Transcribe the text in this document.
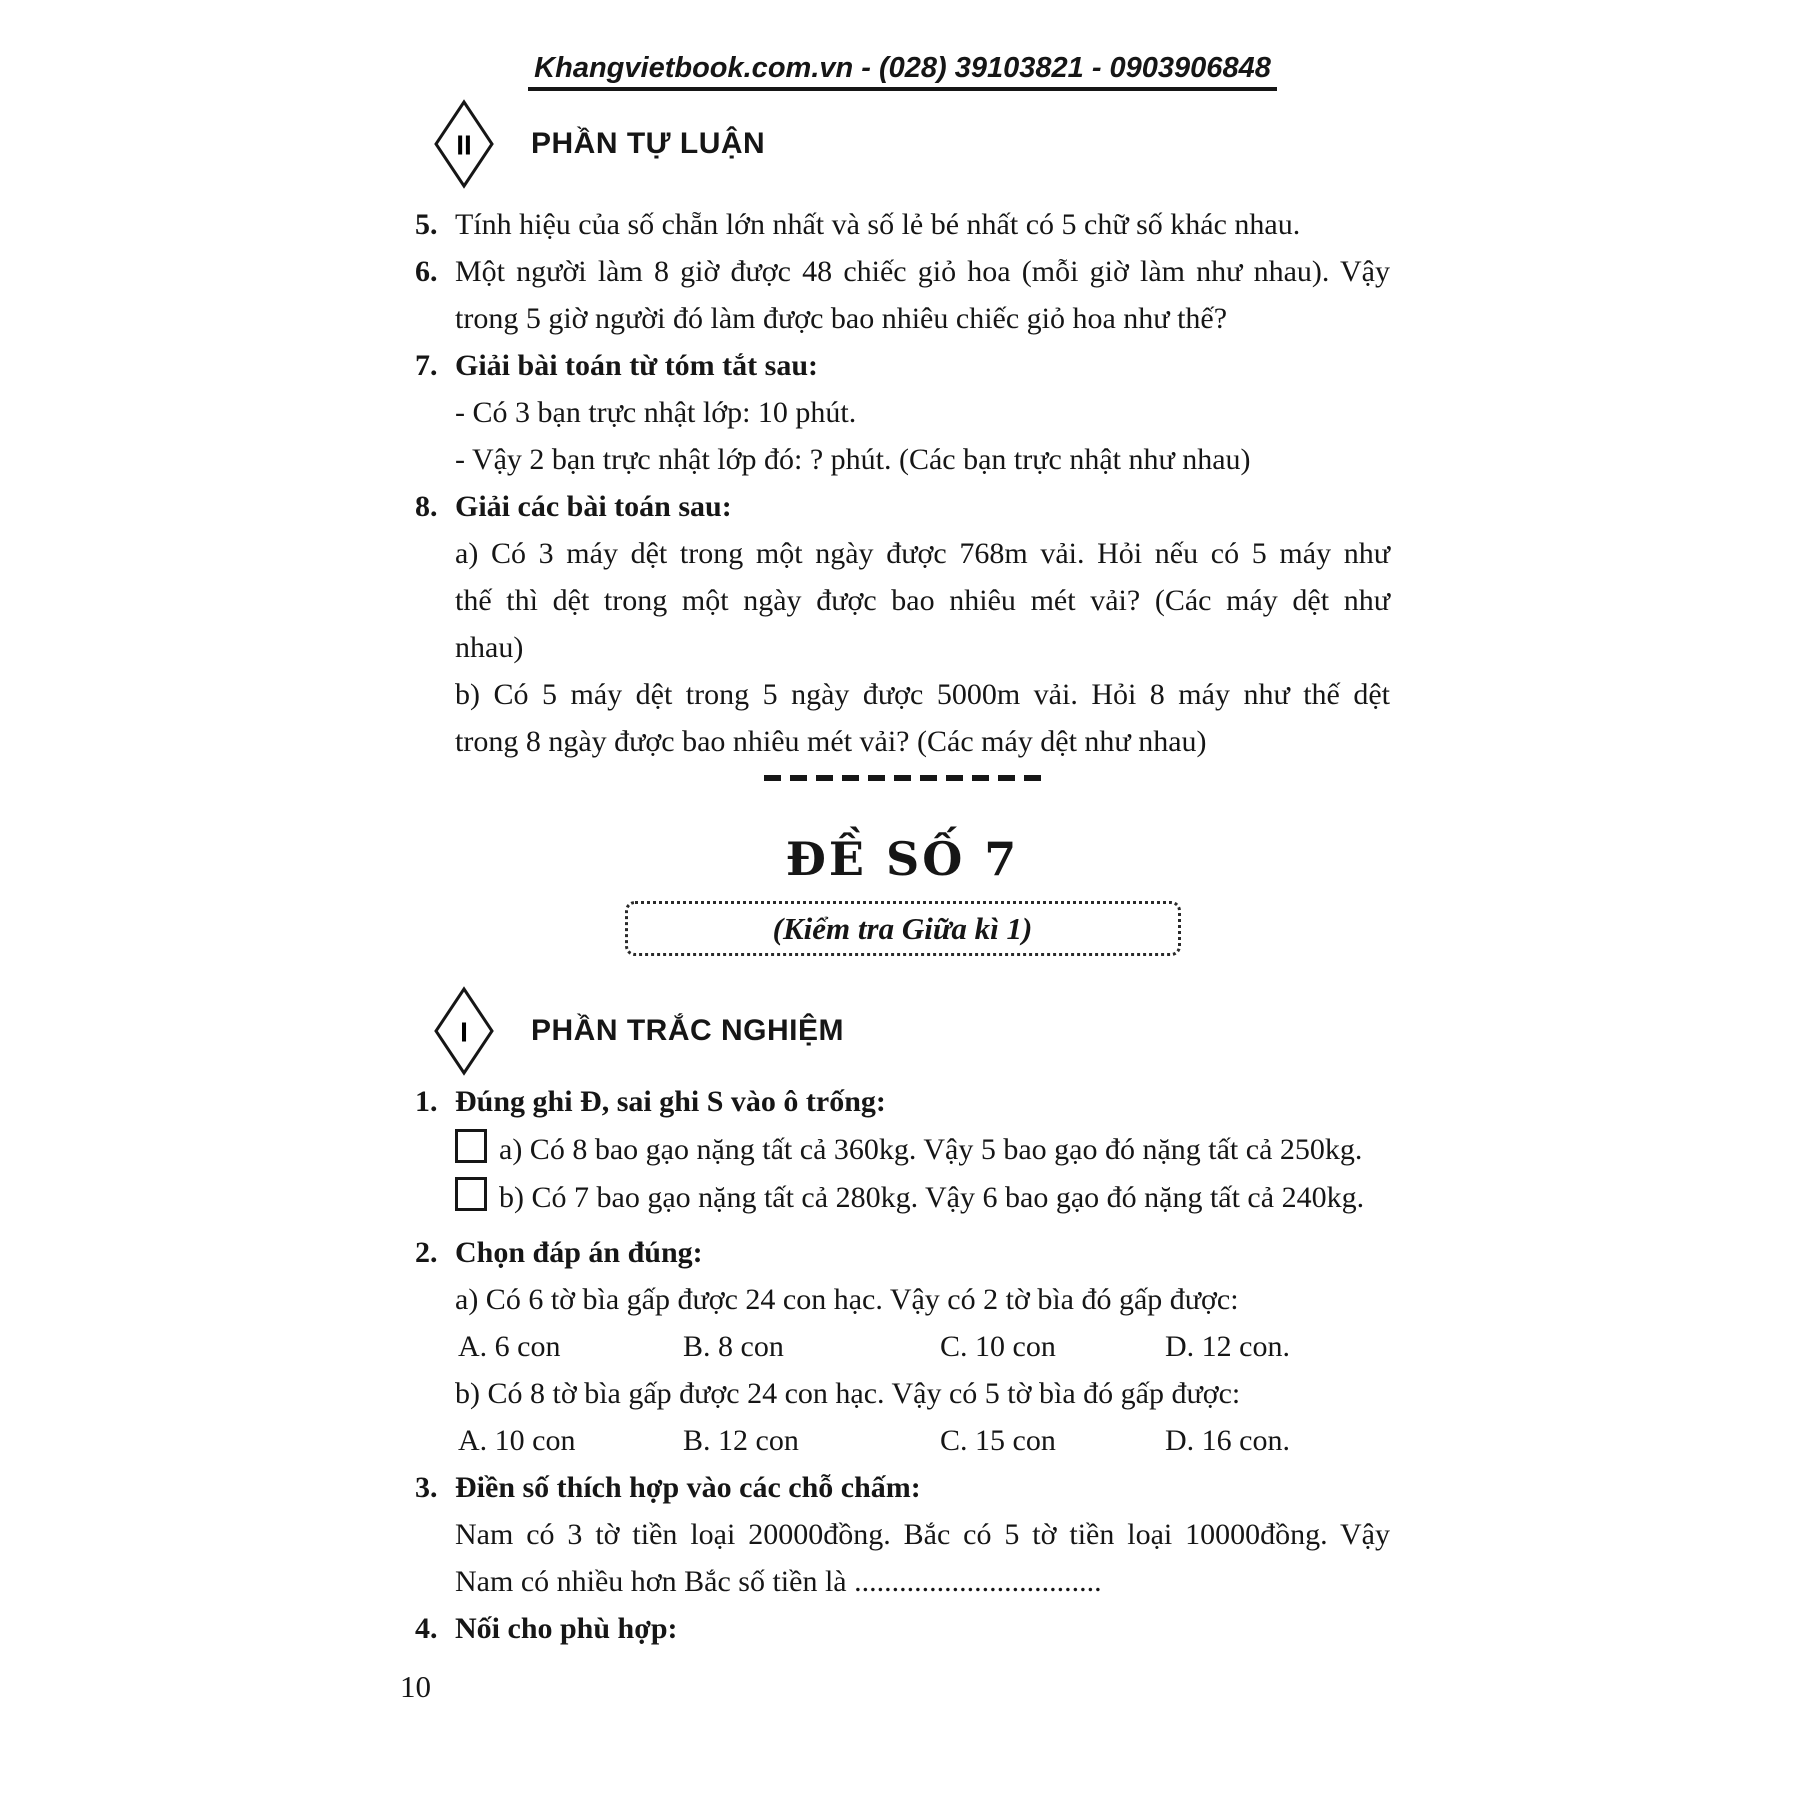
Khangvietbook.com.vn - (028) 39103821 - 0903906848
II PHẦN TỰ LUẬN
5. Tính hiệu của số chẵn lớn nhất và số lẻ bé nhất có 5 chữ số khác nhau.
6. Một người làm 8 giờ được 48 chiếc giỏ hoa (mỗi giờ làm như nhau). Vậy
trong 5 giờ người đó làm được bao nhiêu chiếc giỏ hoa như thế?
7. Giải bài toán từ tóm tắt sau:
- Có 3 bạn trực nhật lớp: 10 phút.
- Vậy 2 bạn trực nhật lớp đó: ? phút. (Các bạn trực nhật như nhau)
8. Giải các bài toán sau:
a) Có 3 máy dệt trong một ngày được 768m vải. Hỏi nếu có 5 máy như
thế thì dệt trong một ngày được bao nhiêu mét vải? (Các máy dệt như
nhau)
b) Có 5 máy dệt trong 5 ngày được 5000m vải. Hỏi 8 máy như thế dệt
trong 8 ngày được bao nhiêu mét vải? (Các máy dệt như nhau)
ĐỀ SỐ 7
(Kiểm tra Giữa kì 1)
I PHẦN TRẮC NGHIỆM
1. Đúng ghi Đ, sai ghi S vào ô trống:
a) Có 8 bao gạo nặng tất cả 360kg. Vậy 5 bao gạo đó nặng tất cả 250kg.
b) Có 7 bao gạo nặng tất cả 280kg. Vậy 6 bao gạo đó nặng tất cả 240kg.
2. Chọn đáp án đúng:
a) Có 6 tờ bìa gấp được 24 con hạc. Vậy có 2 tờ bìa đó gấp được:
A. 6 con	B. 8 con	C. 10 con	D. 12 con.
b) Có 8 tờ bìa gấp được 24 con hạc. Vậy có 5 tờ bìa đó gấp được:
A. 10 con	B. 12 con	C. 15 con	D. 16 con.
3. Điền số thích hợp vào các chỗ chấm:
Nam có 3 tờ tiền loại 20000đồng. Bắc có 5 tờ tiền loại 10000đồng. Vậy
Nam có nhiều hơn Bắc số tiền là .................................
4. Nối cho phù hợp:
10
